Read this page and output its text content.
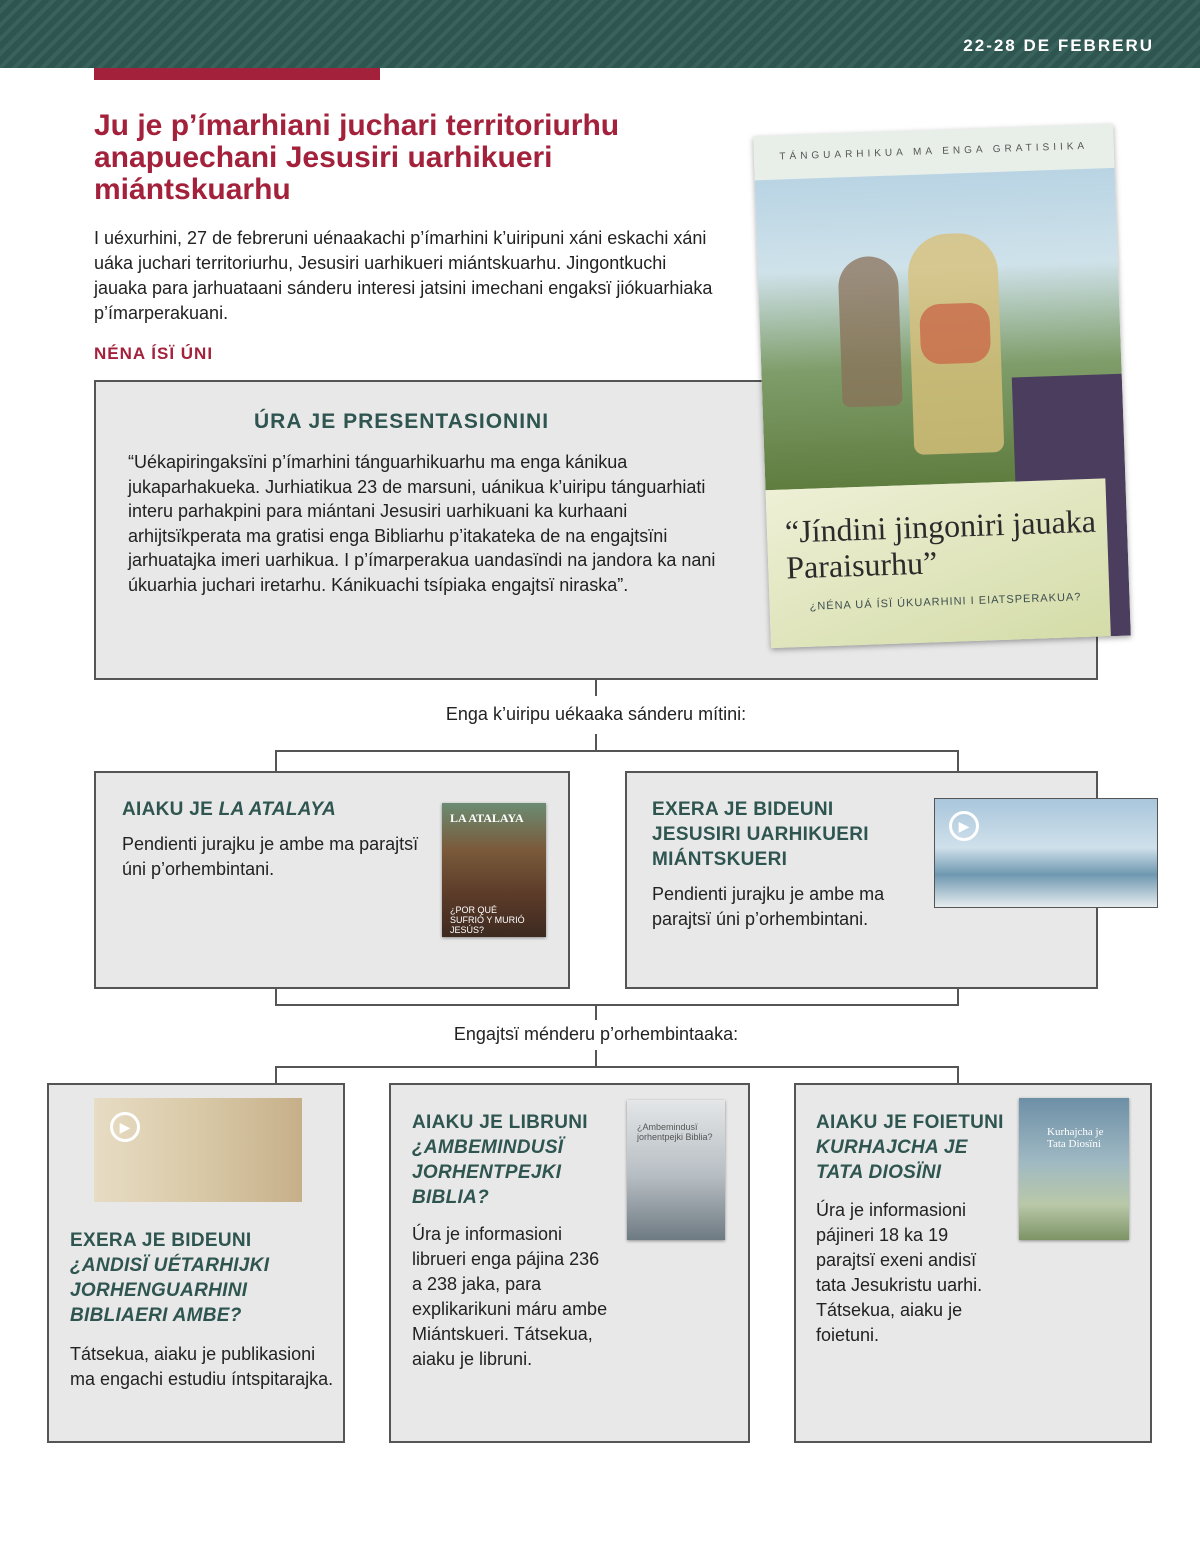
22-28 DE FEBRERU
Ju je p’ímarhiani juchari territoriurhu anapuechani Jesusiri uarhikueri miántskuarhu

I uéxurhini, 27 de febreruni uénaakachi p’ímarhini k’uiripuni xáni eskachi xáni uáka juchari territoriurhu, Jesusiri uarhikueri miántskuarhu. Jingontkuchi jauaka para jarhuataani sánderu interesi jatsini imechani engaksï jiókuarhiaka p’ímarperakuani.

NÉNA ÍSÏ ÚNI
ÚRA JE PRESENTASIONINI

“Uékapiringaksïni p’ímarhini tánguarhikuarhu ma enga kánikua jukaparhakueka. Jurhiatikua 23 de marsuni, uánikua k’uiripu tánguarhiati interu parhakpini para miántani Jesusiri uarhikuani ka kurhaani arhijtsïkperata ma gratisi enga Bibliarhu p’itakateka de na engajtsïni jarhuatajka imeri uarhikua. I p’ímarperakua uandasïndi na jandora ka nani úkuarhia juchari iretarhu. Kánikuachi tsípiaka engajtsï niraska”.

TÁNGUARHIKUA MA ENGA GRATISIIKA

“Jíndini jingoniri jauaka Paraisurhu”

¿NÉNA UÁ ÍSÏ ÚKUARHINI I EIATSPERAKUA?
Enga k’uiripu uékaaka sánderu mítini:
AIAKU JE LA ATALAYA

Pendienti jurajku je ambe ma parajtsï úni p’orhembintani.

LA ATALAYA
¿POR QUÉ SUFRIÓ Y MURIÓ JESÚS?
EXERA JE BIDEUNI JESUSIRI UARHIKUERI MIÁNTSKUERI

Pendienti jurajku je ambe ma parajtsï úni p’orhembintani.

▶
Engajtsï ménderu p’orhembintaaka:
▶
EXERA JE BIDEUNI
¿ANDISÏ UÉTARHIJKI JORHENGUARHINI BIBLIAERI AMBE?

Tátsekua, aiaku je publikasioni ma engachi estudiu íntspitarajka.

AIAKU JE LIBRUNI
¿AMBEMINDUSÏ JORHENTPEJKI BIBLIA?

Úra je informasioni librueri enga pájina 236 a 238 jaka, para explikarikuni máru ambe Miántskueri. Tátsekua, aiaku je libruni.

¿Ambemindusï jorhentpejki Biblia?
AIAKU JE FOIETUNI
KURHAJCHA JE TATA DIOSÏNI

Úra je informasioni pájineri 18 ka 19 parajtsï exeni andisï tata Jesukristu uarhi. Tátsekua, aiaku je foietuni.

Kurhajcha je Tata Diosïni
